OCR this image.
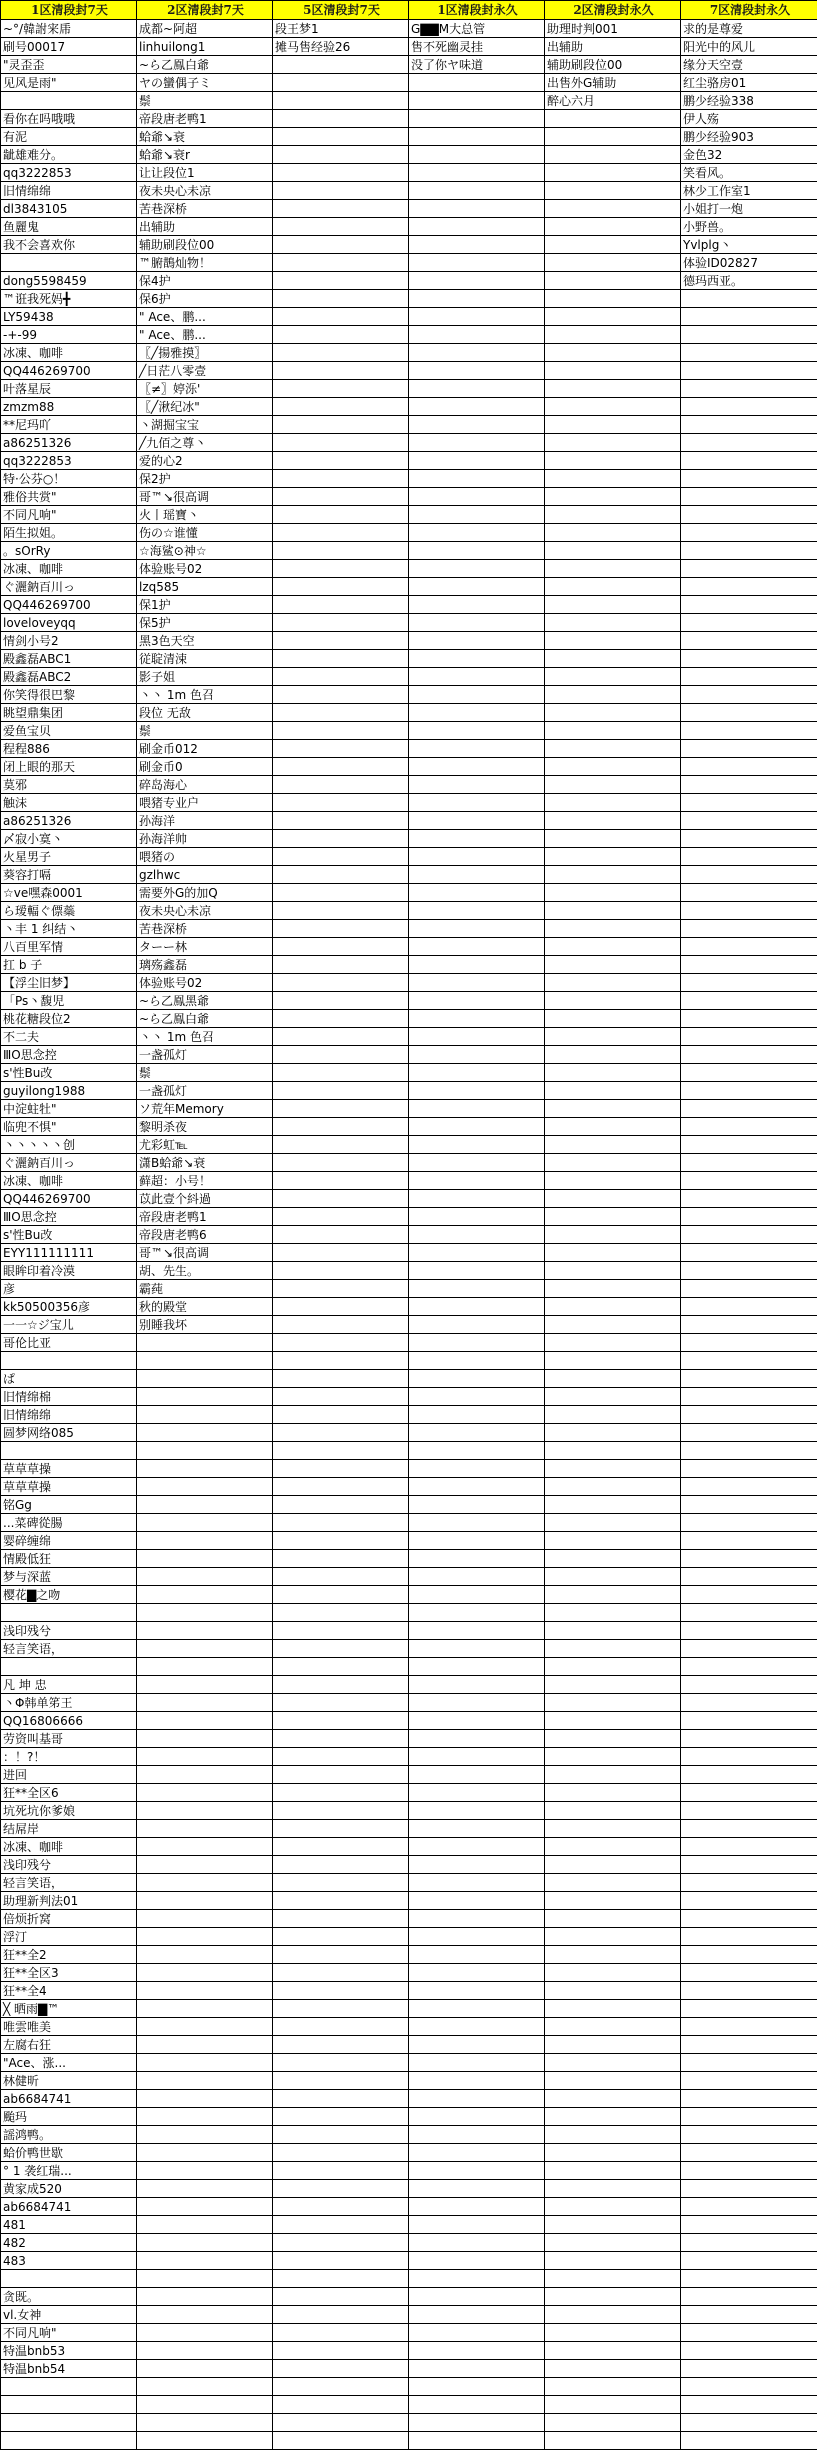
1区清段封7天	2区清段封7天	5区清段封7天	1区清段封永久	2区清段封永久	7区清段封永久
~°/韓詂宩乕	成都~阿超	段王梦1	G▇▇M大总管	助理时判001	求的是尊爱
刷号00017	linhuilong1	摊马售经验26	售不死幽灵挂	出辅助	阳光中的风儿
"灵歪歪	~ら乙鳯白爺		没了你ヤ味道	辅助刷段位00	缘分天空壹
见风是雨"	ヤの蠻偶子ミ			出售外G辅助	红尘骆房01
	鬃			醉心六月	鹏少经验338
看你在吗哦哦	帝段唐老鸭1				伊人殇
有泥	蛤爺↘衰				鹏少经验903
龇雄难分。	蛤爺↘衰r				金色32
qq3222853	让让段位1				笑看风。
旧情绵绵	夜未央心未凉				林少工作室1
dl3843105	苦巷深桥				小姐打一炮
鱼麗鬼	出辅助				小野兽。
我不会喜欢你	辅助刷段位00				Yvlplg丶
	™腑鵲灿物！				体验ID02827
dong5598459	保4护				德玛西亚。
™诳我死妈╋	保6护				
LY59438	" Ace、鹏...				
-+-99	" Ace、鹏...				
冰凍、咖啡	〖╱揚雅摸〗				
QQ446269700	╱日茫八零壹				
叶落星辰	〖≠〗婷泺'				
zmzm88	〖╱湫纪冰"				
**尼玛吖	丶湖掘宝宝				
a86251326	╱九佰之尊丶				
qq3222853	爱的心2				
特·公芬○！	保2护				
雅俗共赏"	哥™↘很高调				
不同凡响"	火丨瑶寶丶				
陌生拟姐。	伤の☆谁懂				
。sOrRy	☆海鲨⊙神☆				
冰凍、咖啡	体验账号02				
ぐ灑鈉百川っ	lzq585				
QQ446269700	保1护				
loveloveyqq	保5护				
情剑小号2	黑3色天空				
殿鑫磊ABC1	従聢清涑				
殿鑫磊ABC2	影子姐				
你笑得很巴黎	丶丶 1m 色召				
眺望鼎集团	段位 无敌				
爱鱼宝贝	鬃				
程程886	刷金币012				
闭上眼的那天	刷金币0				
莫邪	碎岛海心				
触沫	喂猪专业户				
a86251326	孙海洋				
〆寂小寞丶	孙海洋帅				
火星男子	喂猪の				
葵容打嗝	gzlhwc				
☆ve嘿森0001	需要外G的加Q				
ら瑷輻ぐ僄蘂	夜未央心未凉				
丶丰 1 纠结丶	苦巷深桥				
八百里军情	ターー林				
扛 b 子	璃殇鑫磊				
【浮尘旧梦】	体验账号02				
「Ps丶馥児	~ら乙鳯黑爺				
桃花糖段位2	~ら乙鳯白爺				
不二夫	丶丶 1m 色召				
ⅢO思念控	一盏孤灯				
s'性Bu改	鬃				
guyilong1988	一盏孤灯				
中淀蛀牡"	ソ荒年Memory				
临兜不惧"	黎明杀夜				
丶丶丶丶丶创	尤彩虹℡				
ぐ灑鈉百川っ	潇B蛤爺↘衰				
冰凍、咖啡	藓超：小号！				
QQ446269700	苡此壹个紏過				
ⅢO思念控	帝段唐老鸭1				
s'性Bu改	帝段唐老鸭6				
EYY111111111	哥™↘很高调				
眼眸印着冷漠	胡、先生。				
彦	霸莼				
kk50500356彦	秋的殿堂				
一一☆ジ宝儿	别睡我坏				
哥伦比亚					

ぱ					
旧情绵棉					
旧情绵绵					
圆梦网络085					

草草草操					
草草草操					
铭Gg					
...菜碑從腸					
婴碎缠绵					
情殿低狂					
梦与深蓝					
樱花▇之吻					

浅印残兮					
轻言笑语，					

凡 坤 忠					
丶Φ韩单笫王					
QQ16806666					
劳资叫基哥					
：！?！					
进回					
狂**全区6					
坑死坑你爹娘					
结屌岸					
冰凍、咖啡					
浅印残兮					
轻言笑语，					
助理新判法01					
倍烦折窝					
浮汀					
狂**全2					
狂**全区3					
狂**全4					
╳ 晒雨▇™					
唯雲唯美					
左腐右狂					
"Ace、涨...					
林健昕					
ab6684741					
颱玛					
謡鸿鸭。					
蛤价鸭世歇					
° 1 袭红瑞...					
黄家成520					
ab6684741					
481					
482					
483					

贪既。					
vl.女神					
不同凡响"					
特温bnb53					
特温bnb54					
